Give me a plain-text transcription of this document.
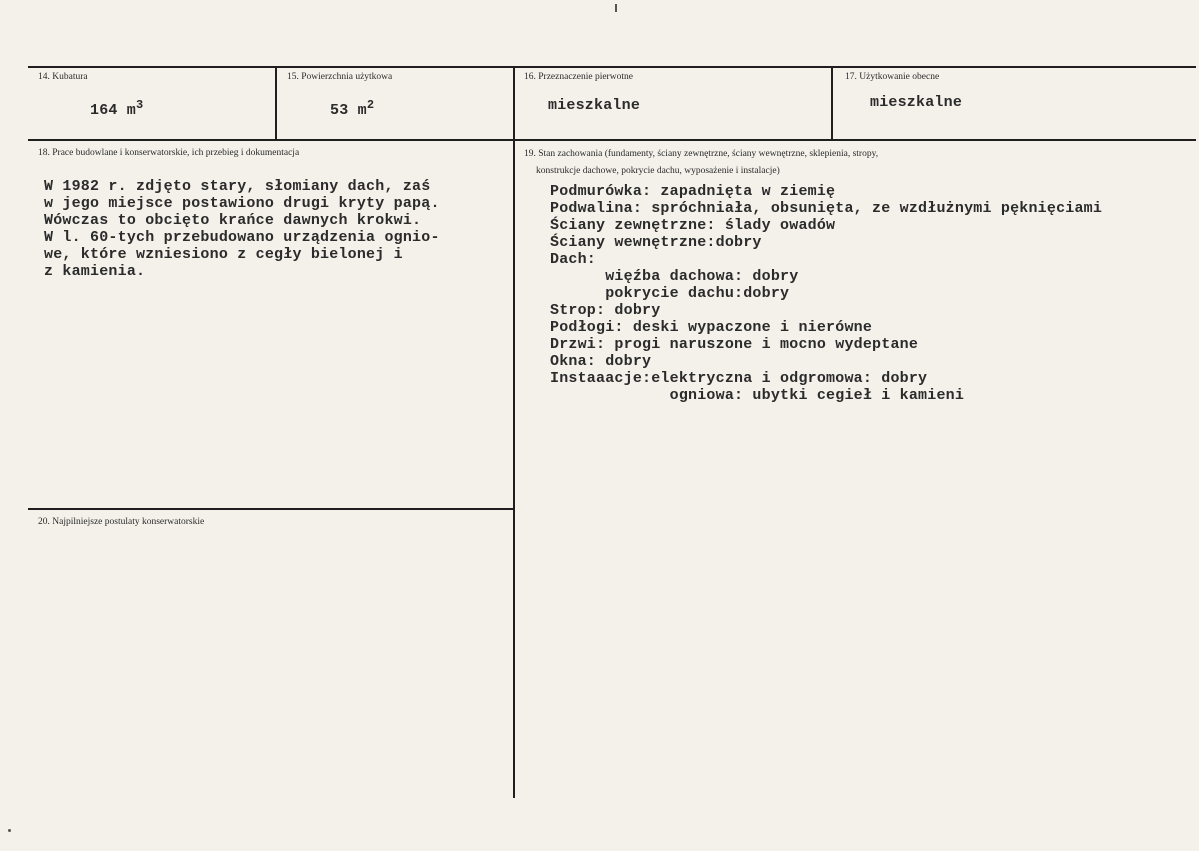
14. Kubatura
164 $m^3$
15. Powierzchnia użytkowa
53 $m^2$
16. Przeznaczenie pierwotne
mieszkalne
17. Użytkowanie obecne
mieszkalne
18. Prace budowlane i konserwatorskie, ich przebieg i dokumentacja
W 1982 r. zdjęto stary, słomiany dach, zaś
w jego miejsce postawiono drugi kryty papą.
Wówczas to obcięto krańce dawnych krokwi.
W l. 60-tych przebudowano urządzenia ognio-
we, które wzniesiono z cegły bielonej i
z kamienia.
19. Stan zachowania (fundamenty, ściany zewnętrzne, ściany wewnętrzne, sklepienia, stropy,
konstrukcje dachowe, pokrycie dachu, wyposażenie i instalacje)
Podmurówka: zapadnięta w ziemię
Podwalina: spróchniała, obsunięta, ze wzdłużnymi pęknięciami
Ściany zewnętrzne: ślady owadów
Ściany wewnętrzne:dobry
Dach:
więźba dachowa: dobry
pokrycie dachu:dobry
Strop: dobry
Podłogi: deski wypaczone i nierówne
Drzwi: progi naruszone i mocno wydeptane
Okna: dobry
Instaaacje:elektryczna i odgromowa: dobry
ogniowa: ubytki cegieł i kamieni
20. Najpilniejsze postulaty konserwatorskie
